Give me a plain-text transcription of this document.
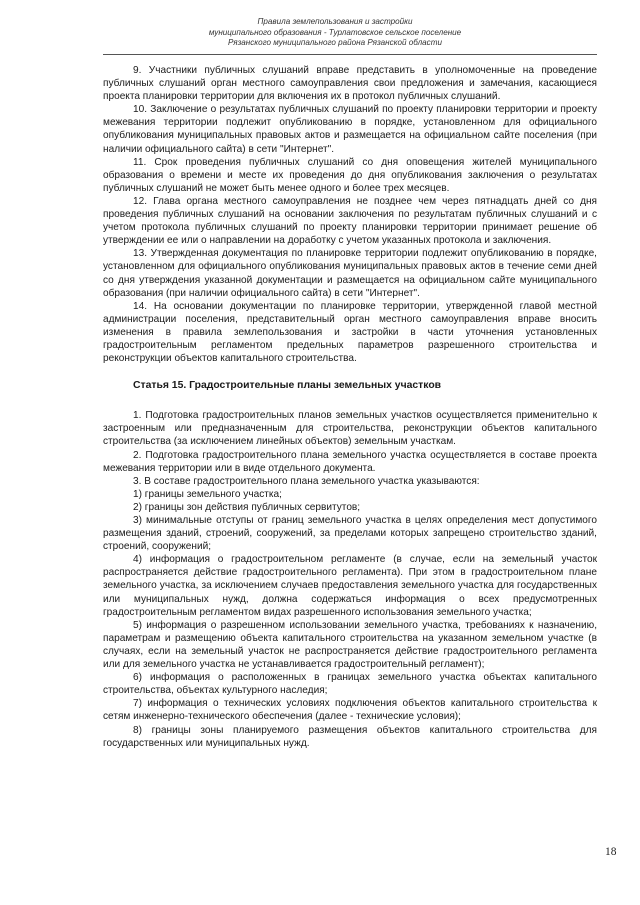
Правила землепользования и застройки
муниципального образования - Турлатовское сельское поселение
Рязанского муниципального района Рязанской области

9. Участники публичных слушаний вправе представить в уполномоченные на проведение публичных слушаний орган местного самоуправления свои предложения и замечания, касающиеся проекта планировки территории для включения их в протокол публичных слушаний.

10. Заключение о результатах публичных слушаний по проекту планировки территории и проекту межевания территории подлежит опубликованию в порядке, установленном для официального опубликования муниципальных правовых актов и размещается на официальном сайте поселения (при наличии официального сайта) в сети "Интернет".

11. Срок проведения публичных слушаний со дня оповещения жителей муниципального образования о времени и месте их проведения до дня опубликования заключения о результатах публичных слушаний не может быть менее одного и более трех месяцев.

12. Глава органа местного самоуправления не позднее чем через пятнадцать дней со дня проведения публичных слушаний на основании заключения по результатам публичных слушаний и с учетом протокола публичных слушаний по проекту планировки территории принимает решение об утверждении ее или о направлении на доработку с учетом указанных протокола и заключения.

13. Утвержденная документация по планировке территории подлежит опубликованию в порядке, установленном для официального опубликования муниципальных правовых актов в течение семи дней со дня утверждения указанной документации и размещается на официальном сайте муниципального образования (при наличии официального сайта) в сети "Интернет".

14. На основании документации по планировке территории, утвержденной главой местной администрации поселения, представительный орган местного самоуправления вправе вносить изменения в правила землепользования и застройки в части уточнения установленных градостроительным регламентом предельных параметров разрешенного строительства и реконструкции объектов капитального строительства.

Статья 15. Градостроительные планы земельных участков

1. Подготовка градостроительных планов земельных участков осуществляется применительно к застроенным или предназначенным для строительства, реконструкции объектов капитального строительства (за исключением линейных объектов) земельным участкам.

2. Подготовка градостроительного плана земельного участка осуществляется в составе проекта межевания территории или в виде отдельного документа.

3. В составе градостроительного плана земельного участка указываются:

1) границы земельного участка;

2) границы зон действия публичных сервитутов;

3) минимальные отступы от границ земельного участка в целях определения мест допустимого размещения зданий, строений, сооружений, за пределами которых запрещено строительство зданий, строений, сооружений;

4) информация о градостроительном регламенте (в случае, если на земельный участок распространяется действие градостроительного регламента). При этом в градостроительном плане земельного участка, за исключением случаев предоставления земельного участка для государственных или муниципальных нужд, должна содержаться информация о всех предусмотренных градостроительным регламентом видах разрешенного использования земельного участка;

5) информация о разрешенном использовании земельного участка, требованиях к назначению, параметрам и размещению объекта капитального строительства на указанном земельном участке (в случаях, если на земельный участок не распространяется действие градостроительного регламента или для земельного участка не устанавливается градостроительный регламент);

6) информация о расположенных в границах земельного участка объектах капитального строительства, объектах культурного наследия;

7) информация о технических условиях подключения объектов капитального строительства к сетям инженерно-технического обеспечения (далее - технические условия);

8) границы зоны планируемого размещения объектов капитального строительства для государственных или муниципальных нужд.

18
